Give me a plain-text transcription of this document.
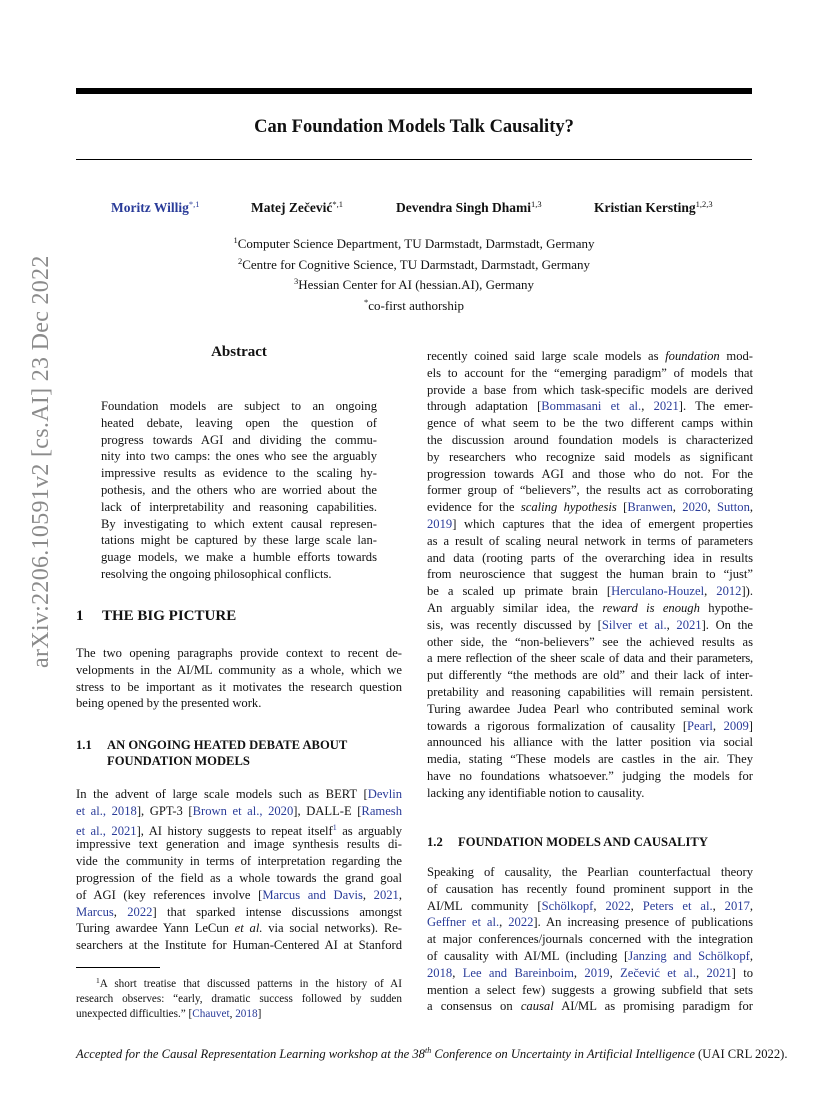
arXiv:2206.10591v2 [cs.AI] 23 Dec 2022
Can Foundation Models Talk Causality?
Moritz Willig$^{*,1}$	Matej Zečević$^{*,1}$	Devendra Singh Dhami$^{1,3}$	Kristian Kersting$^{1,2,3}$
$^1$Computer Science Department, TU Darmstadt, Darmstadt, Germany
$^2$Centre for Cognitive Science, TU Darmstadt, Darmstadt, Germany
$^3$Hessian Center for AI (hessian.AI), Germany
*co-first authorship
Abstract
Foundation models are subject to an ongoing
heated debate, leaving open the question of
progress towards AGI and dividing the commu-
nity into two camps: the ones who see the arguably
impressive results as evidence to the scaling hy-
pothesis, and the others who are worried about the
lack of interpretability and reasoning capabilities.
By investigating to which extent causal represen-
tations might be captured by these large scale lan-
guage models, we make a humble efforts towards
resolving the ongoing philosophical conflicts.
1 THE BIG PICTURE
The two opening paragraphs provide context to recent de-
velopments in the AI/ML community as a whole, which we
stress to be important as it motivates the research question
being opened by the presented work.
1.1 AN ONGOING HEATED DEBATE ABOUT
FOUNDATION MODELS
In the advent of large scale models such as BERT [Devlin
et al., 2018], GPT-3 [Brown et al., 2020], DALL-E [Ramesh
et al., 2021], AI history suggests to repeat itself$^1$ as arguably
impressive text generation and image synthesis results di-
vide the community in terms of interpretation regarding the
progression of the field as a whole towards the grand goal
of AGI (key references involve [Marcus and Davis, 2021,
Marcus, 2022] that sparked intense discussions amongst
Turing awardee Yann LeCun et al. via social networks). Re-
searchers at the Institute for Human-Centered AI at Stanford
$^1$A short treatise that discussed patterns in the history of AI
research observes: “early, dramatic success followed by sudden
unexpected difficulties.” [Chauvet, 2018]
recently coined said large scale models as foundation mod-
els to account for the “emerging paradigm” of models that
provide a base from which task-specific models are derived
through adaptation [Bommasani et al., 2021]. The emer-
gence of what seem to be the two different camps within
the discussion around foundation models is characterized
by researchers who recognize said models as significant
progression towards AGI and those who do not. For the
former group of “believers”, the results act as corroborating
evidence for the scaling hypothesis [Branwen, 2020, Sutton,
2019] which captures that the idea of emergent properties
as a result of scaling neural network in terms of parameters
and data (rooting parts of the overarching idea in results
from neuroscience that suggest the human brain to “just”
be a scaled up primate brain [Herculano-Houzel, 2012]).
An arguably similar idea, the reward is enough hypothe-
sis, was recently discussed by [Silver et al., 2021]. On the
other side, the “non-believers” see the achieved results as
a mere reflection of the sheer scale of data and their parameters,
put differently “the methods are old” and their lack of inter-
pretability and reasoning capabilities will remain persistent.
Turing awardee Judea Pearl who contributed seminal work
towards a rigorous formalization of causality [Pearl, 2009]
announced his alliance with the latter position via social
media, stating “These models are castles in the air. They
have no foundations whatsoever.” judging the models for
lacking any identifiable notion to causality.
1.2 FOUNDATION MODELS AND CAUSALITY
Speaking of causality, the Pearlian counterfactual theory
of causation has recently found prominent support in the
AI/ML community [Schölkopf, 2022, Peters et al., 2017,
Geffner et al., 2022]. An increasing presence of publications
at major conferences/journals concerned with the integration
of causality with AI/ML (including [Janzing and Schölkopf,
2018, Lee and Bareinboim, 2019, Zečević et al., 2021] to
mention a select few) suggests a growing subfield that sets
a consensus on causal AI/ML as promising paradigm for
Accepted for the Causal Representation Learning workshop at the 38th Conference on Uncertainty in Artificial Intelligence (UAI CRL 2022).
